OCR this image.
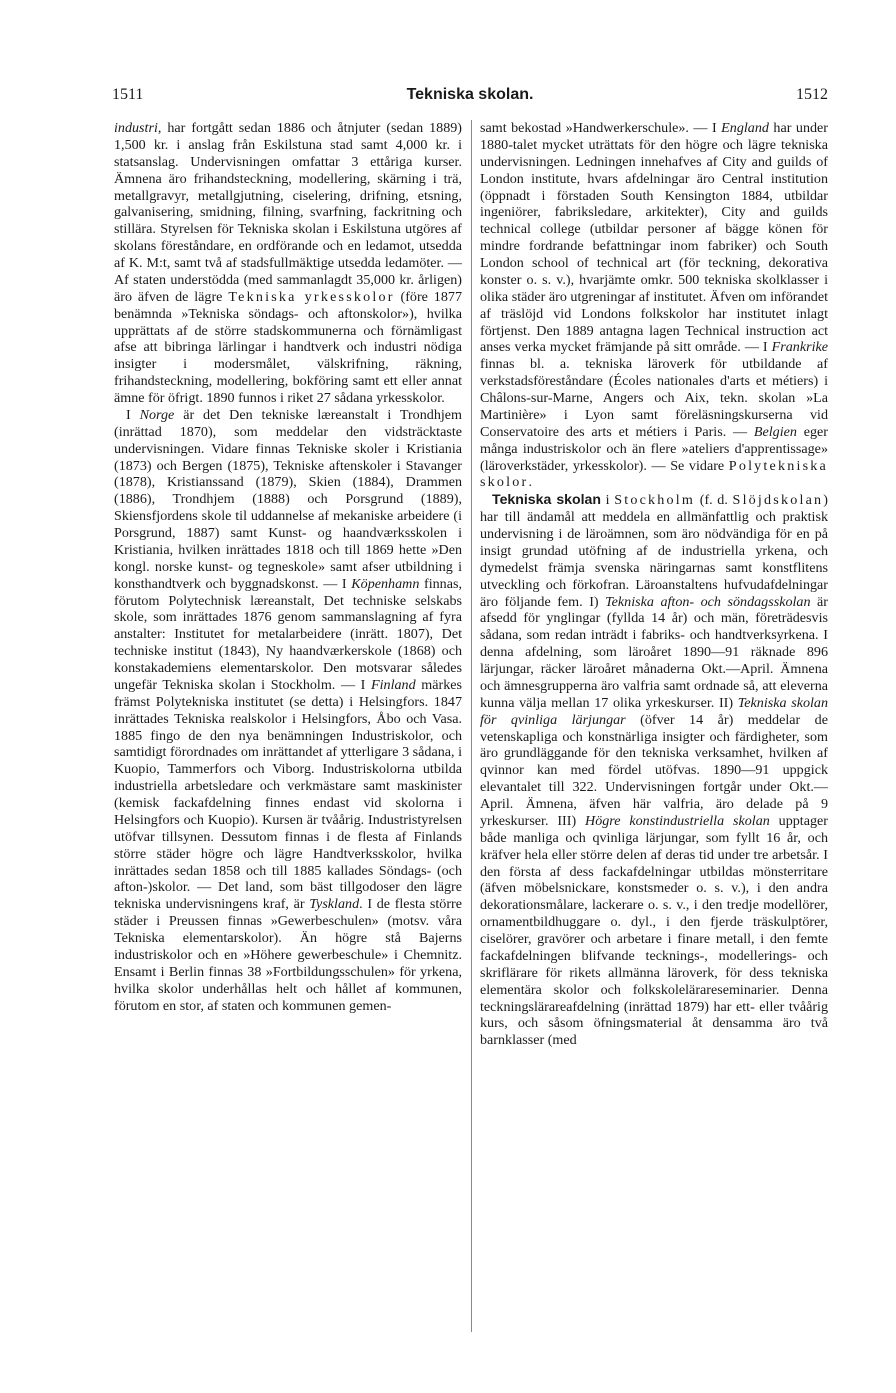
1511	Tekniska skolan.	1512

industri, har fortgått sedan 1886 och åtnjuter (sedan 1889) 1,500 kr. i anslag från Eskilstuna stad samt 4,000 kr. i statsanslag. Undervisningen omfattar 3 ettåriga kurser. Ämnena äro frihandsteckning, modellering, skärning i trä, metallgravyr, metallgjutning, ciselering, drifning, etsning, galvanisering, smidning, filning, svarfning, fackritning och stillära. Styrelsen för Tekniska skolan i Eskilstuna utgöres af skolans föreståndare, en ordförande och en ledamot, utsedda af K. M:t, samt två af stadsfullmäktige utsedda ledamöter. — Af staten understödda (med sammanlagdt 35,000 kr. årligen) äro äfven de lägre Tekniska yrkesskolor (före 1877 benämnda »Tekniska söndags- och aftonskolor»), hvilka upprättats af de större stadskommunerna och förnämligast afse att bibringa lärlingar i handtverk och industri nödiga insigter i modersmålet, välskrifning, räkning, frihandsteckning, modellering, bokföring samt ett eller annat ämne för öfrigt. 1890 funnos i riket 27 sådana yrkesskolor.

I Norge är det Den tekniske læreanstalt i Trondhjem (inrättad 1870), som meddelar den vidsträcktaste undervisningen. Vidare finnas Tekniske skoler i Kristiania (1873) och Bergen (1875), Tekniske aftenskoler i Stavanger (1878), Kristianssand (1879), Skien (1884), Drammen (1886), Trondhjem (1888) och Porsgrund (1889), Skiensfjordens skole til uddannelse af mekaniske arbeidere (i Porsgrund, 1887) samt Kunst- og haandværksskolen i Kristiania, hvilken inrättades 1818 och till 1869 hette »Den kongl. norske kunst- og tegneskole» samt afser utbildning i konsthandtverk och byggnadskonst. — I Köpenhamn finnas, förutom Polytechnisk læreanstalt, Det techniske selskabs skole, som inrättades 1876 genom sammanslagning af fyra anstalter: Institutet for metalarbeidere (inrätt. 1807), Det techniske institut (1843), Ny haandværkerskole (1868) och konstakademiens elementarskolor. Den motsvarar således ungefär Tekniska skolan i Stockholm. — I Finland märkes främst Polytekniska institutet (se detta) i Helsingfors. 1847 inrättades Tekniska realskolor i Helsingfors, Åbo och Vasa. 1885 fingo de den nya benämningen Industriskolor, och samtidigt förordnades om inrättandet af ytterligare 3 sådana, i Kuopio, Tammerfors och Viborg. Industriskolorna utbilda industriella arbetsledare och verkmästare samt maskinister (kemisk fackafdelning finnes endast vid skolorna i Helsingfors och Kuopio). Kursen är tvåårig. Industristyrelsen utöfvar tillsynen. Dessutom finnas i de flesta af Finlands större städer högre och lägre Handtverksskolor, hvilka inrättades sedan 1858 och till 1885 kallades Söndags- (och afton-)skolor. — Det land, som bäst tillgodoser den lägre tekniska undervisningens kraf, är Tyskland. I de flesta större städer i Preussen finnas »Gewerbeschulen» (motsv. våra Tekniska elementarskolor). Än högre stå Bajerns industriskolor och en »Höhere gewerbeschule» i Chemnitz. Ensamt i Berlin finnas 38 »Fortbildungsschulen» för yrkena, hvilka skolor underhållas helt och hållet af kommunen, förutom en stor, af staten och kommunen gemen-

samt bekostad »Handwerkerschule». — I England har under 1880-talet mycket uträttats för den högre och lägre tekniska undervisningen. Ledningen innehafves af City and guilds of London institute, hvars afdelningar äro Central institution (öppnadt i förstaden South Kensington 1884, utbildar ingeniörer, fabriksledare, arkitekter), City and guilds technical college (utbildar personer af bägge könen för mindre fordrande befattningar inom fabriker) och South London school of technical art (för teckning, dekorativa konster o. s. v.), hvarjämte omkr. 500 tekniska skolklasser i olika städer äro utgreningar af institutet. Äfven om införandet af träslöjd vid Londons folkskolor har institutet inlagt förtjenst. Den 1889 antagna lagen Technical instruction act anses verka mycket främjande på sitt område. — I Frankrike finnas bl. a. tekniska läroverk för utbildande af verkstadsföreståndare (Écoles nationales d'arts et métiers) i Châlons-sur-Marne, Angers och Aix, tekn. skolan »La Martinière» i Lyon samt föreläsningskurserna vid Conservatoire des arts et métiers i Paris. — Belgien eger många industriskolor och än flere »ateliers d'apprentissage» (läroverkstäder, yrkesskolor). — Se vidare Polytekniska skolor.

Tekniska skolan i Stockholm (f. d. Slöjdskolan) har till ändamål att meddela en allmänfattlig och praktisk undervisning i de läroämnen, som äro nödvändiga för en på insigt grundad utöfning af de industriella yrkena, och dymedelst främja svenska näringarnas samt konstflitens utveckling och förkofran. Läroanstaltens hufvudafdelningar äro följande fem. I) Tekniska afton- och söndagsskolan är afsedd för ynglingar (fyllda 14 år) och män, företrädesvis sådana, som redan inträdt i fabriks- och handtverksyrkena. I denna afdelning, som läroåret 1890—91 räknade 896 lärjungar, räcker läroåret månaderna Okt.—April. Ämnena och ämnesgrupperna äro valfria samt ordnade så, att eleverna kunna välja mellan 17 olika yrkeskurser. II) Tekniska skolan för qvinliga lärjungar (öfver 14 år) meddelar de vetenskapliga och konstnärliga insigter och färdigheter, som äro grundläggande för den tekniska verksamhet, hvilken af qvinnor kan med fördel utöfvas. 1890—91 uppgick elevantalet till 322. Undervisningen fortgår under Okt.—April. Ämnena, äfven här valfria, äro delade på 9 yrkeskurser. III) Högre konstindustriella skolan upptager både manliga och qvinliga lärjungar, som fyllt 16 år, och kräfver hela eller större delen af deras tid under tre arbetsår. I den första af dess fackafdelningar utbildas mönsterritare (äfven möbelsnickare, konstsmeder o. s. v.), i den andra dekorationsmålare, lackerare o. s. v., i den tredje modellörer, ornamentbildhuggare o. dyl., i den fjerde träskulptörer, ciselörer, gravörer och arbetare i finare metall, i den femte fackafdelningen blifvande tecknings-, modellerings- och skriflärare för rikets allmänna läroverk, för dess tekniska elementära skolor och folkskolelärareseminarier. Denna teckningslärareafdelning (inrättad 1879) har ett- eller tvåårig kurs, och såsom öfningsmaterial åt densamma äro två barnklasser (med
